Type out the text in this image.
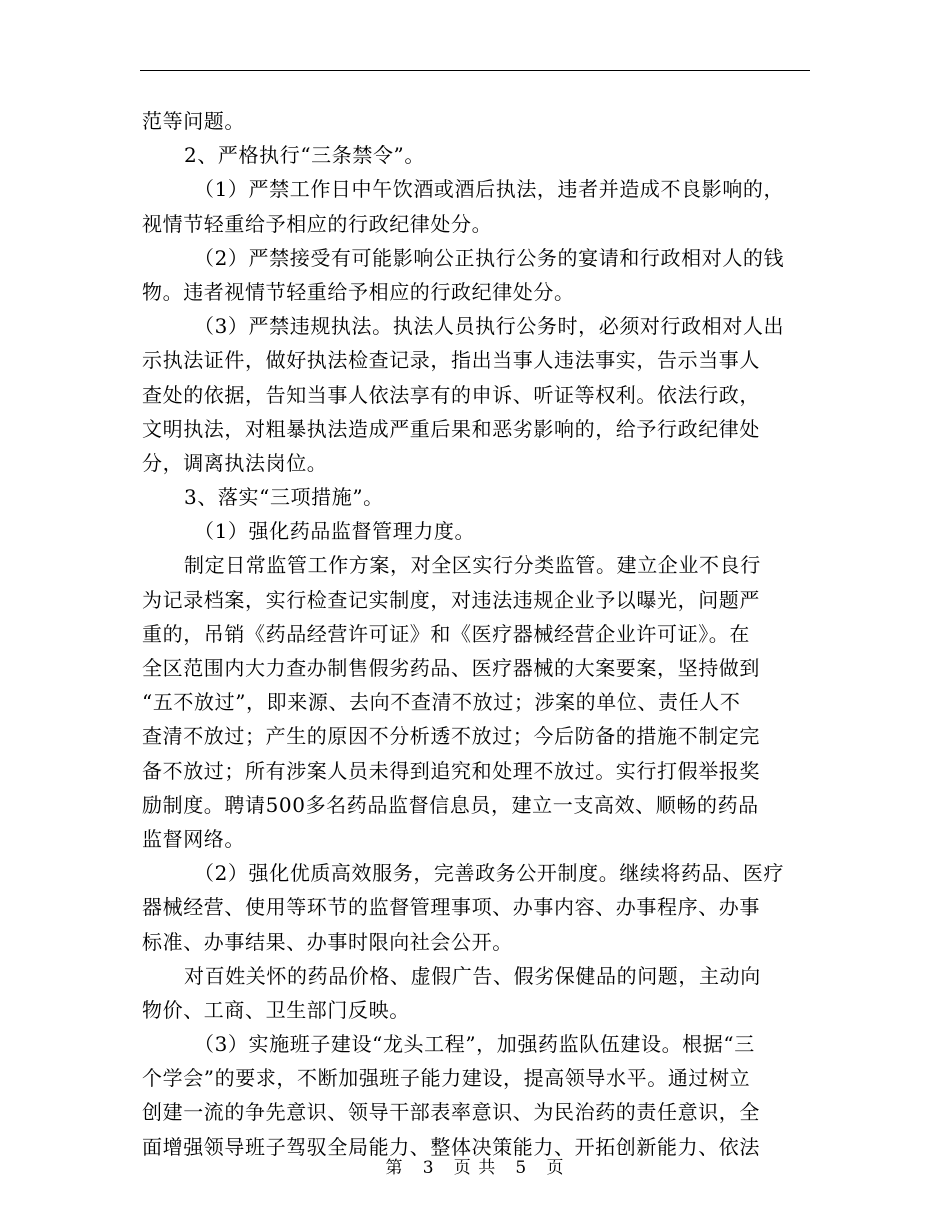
范等问题。
2、严格执行“三条禁令”。
（1）严禁工作日中午饮酒或酒后执法，违者并造成不良影响的，
视情节轻重给予相应的行政纪律处分。
（2）严禁接受有可能影响公正执行公务的宴请和行政相对人的钱
物。违者视情节轻重给予相应的行政纪律处分。
（3）严禁违规执法。执法人员执行公务时，必须对行政相对人出
示执法证件，做好执法检查记录，指出当事人违法事实，告示当事人
查处的依据，告知当事人依法享有的申诉、听证等权利。依法行政，
文明执法，对粗暴执法造成严重后果和恶劣影响的，给予行政纪律处
分，调离执法岗位。
3、落实“三项措施”。
（1）强化药品监督管理力度。
制定日常监管工作方案，对全区实行分类监管。建立企业不良行
为记录档案，实行检查记实制度，对违法违规企业予以曝光，问题严
重的，吊销《药品经营许可证》和《医疗器械经营企业许可证》。在
全区范围内大力查办制售假劣药品、医疗器械的大案要案，坚持做到
“五不放过”，即来源、去向不查清不放过；涉案的单位、责任人不
查清不放过；产生的原因不分析透不放过；今后防备的措施不制定完
备不放过；所有涉案人员未得到追究和处理不放过。实行打假举报奖
励制度。聘请500多名药品监督信息员，建立一支高效、顺畅的药品
监督网络。
（2）强化优质高效服务，完善政务公开制度。继续将药品、医疗
器械经营、使用等环节的监督管理事项、办事内容、办事程序、办事
标准、办事结果、办事时限向社会公开。
对百姓关怀的药品价格、虚假广告、假劣保健品的问题，主动向
物价、工商、卫生部门反映。
（3）实施班子建设“龙头工程”，加强药监队伍建设。根据“三
个学会”的要求，不断加强班子能力建设，提高领导水平。通过树立
创建一流的争先意识、领导干部表率意识、为民治药的责任意识，全
面增强领导班子驾驭全局能力、整体决策能力、开拓创新能力、依法
第 3 页 共 5 页
